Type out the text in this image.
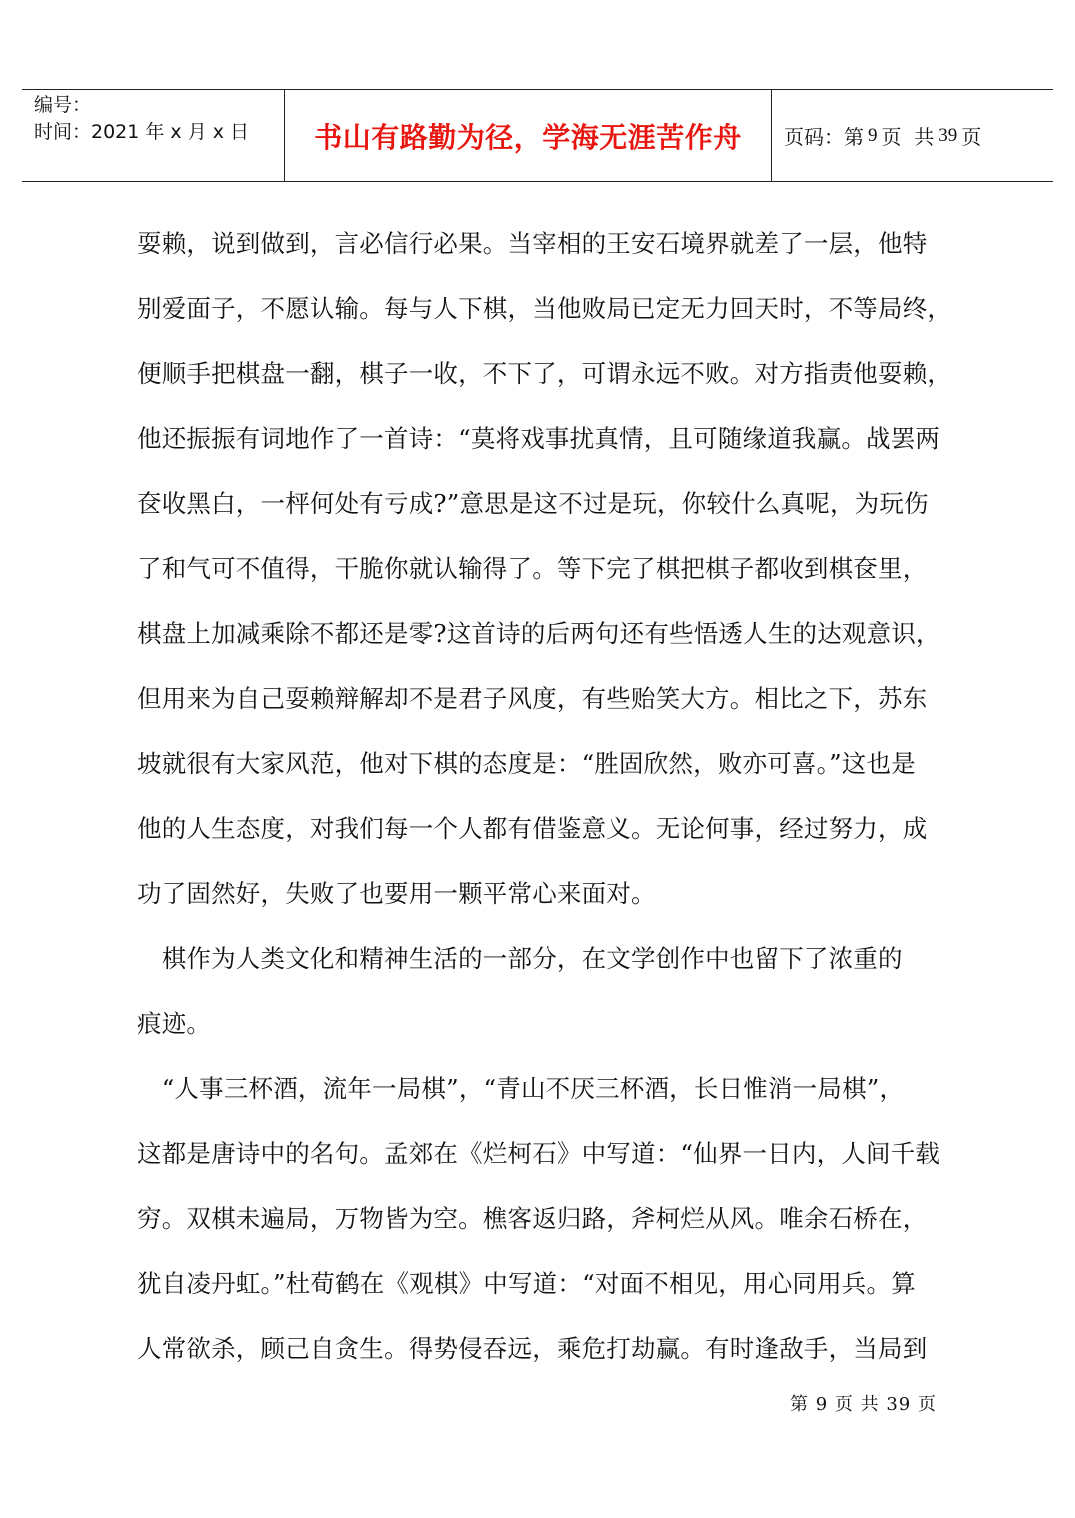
编号：
时间：2021 年 x 月 x 日	书山有路勤为径，学海无涯苦作舟 页码：第 9 页  共 39 页
耍赖，说到做到，言必信行必果。当宰相的王安石境界就差了一层，他特
别爱面子，不愿认输。每与人下棋，当他败局已定无力回天时，不等局终，
便顺手把棋盘一翻，棋子一收，不下了，可谓永远不败。对方指责他耍赖，
他还振振有词地作了一首诗：“莫将戏事扰真情，且可随缘道我赢。战罢两
奁收黑白，一枰何处有亏成?”意思是这不过是玩，你较什么真呢，为玩伤
了和气可不值得，干脆你就认输得了。等下完了棋把棋子都收到棋奁里，
棋盘上加减乘除不都还是零?这首诗的后两句还有些悟透人生的达观意识，
但用来为自己耍赖辩解却不是君子风度，有些贻笑大方。相比之下，苏东
坡就很有大家风范，他对下棋的态度是：“胜固欣然，败亦可喜。”这也是
他的人生态度，对我们每一个人都有借鉴意义。无论何事，经过努力，成
功了固然好，失败了也要用一颗平常心来面对。
　棋作为人类文化和精神生活的一部分，在文学创作中也留下了浓重的
痕迹。
　“人事三杯酒，流年一局棋”，“青山不厌三杯酒，长日惟消一局棋”，
这都是唐诗中的名句。孟郊在《烂柯石》中写道：“仙界一日内，人间千载
穷。双棋未遍局，万物皆为空。樵客返归路，斧柯烂从风。唯余石桥在，
犹自凌丹虹。”杜荀鹤在《观棋》中写道：“对面不相见，用心同用兵。算
人常欲杀，顾己自贪生。得势侵吞远，乘危打劫赢。有时逢敌手，当局到
第 9 页 共 39 页
